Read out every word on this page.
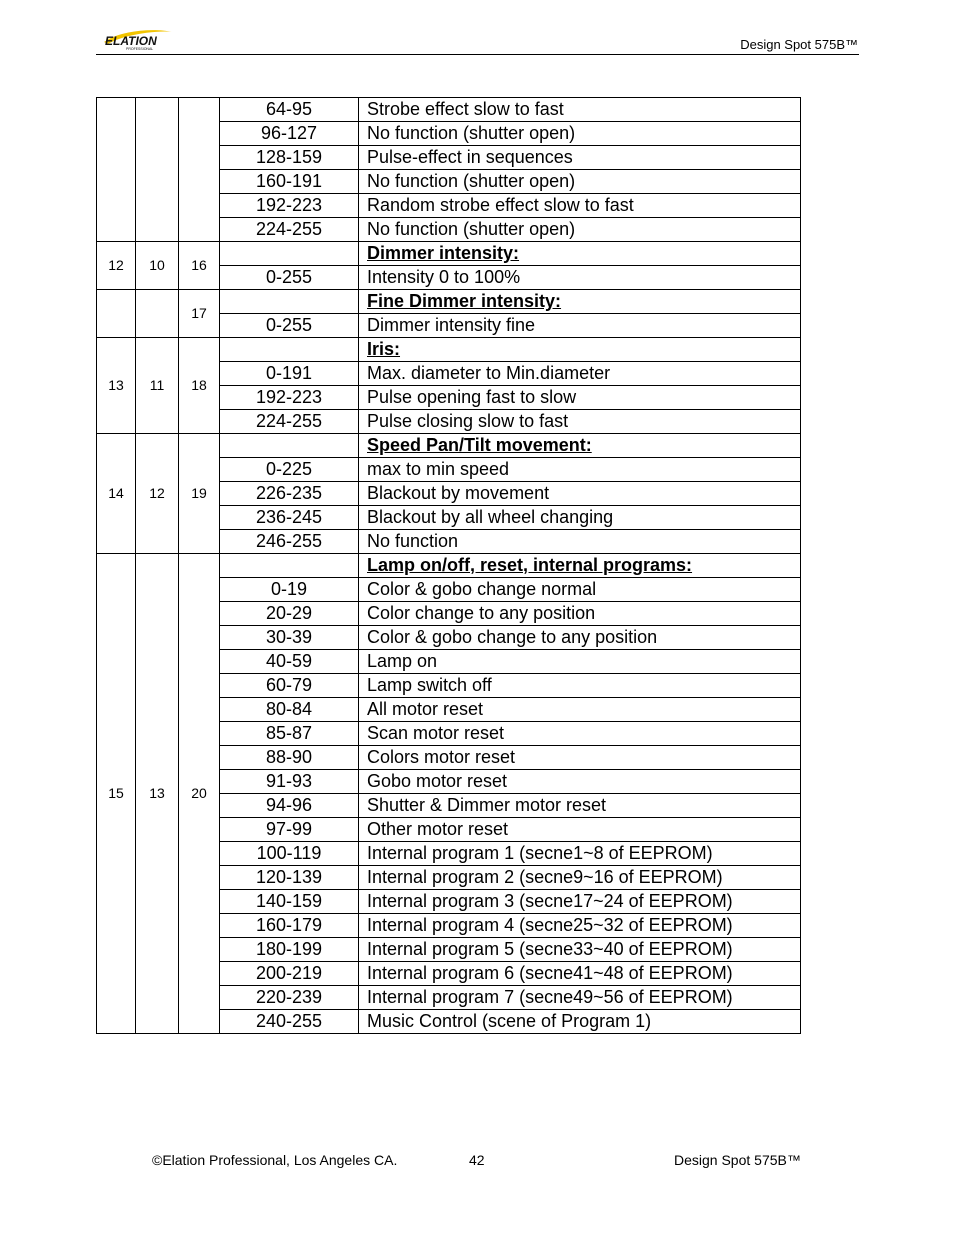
ELATION
PROFESSIONAL	Design Spot 575B™
			64-95	Strobe effect slow to fast
			96-127	No function (shutter open)
			128-159	Pulse-effect in sequences
			160-191	No function (shutter open)
			192-223	Random strobe effect slow to fast
			224-255	No function (shutter open)
12	10	16		Dimmer intensity:
			0-255	Intensity 0 to 100%
		17		Fine Dimmer intensity:
			0-255	Dimmer intensity fine
13	11	18		Iris:
			0-191	Max. diameter to Min.diameter
			192-223	Pulse opening fast to slow
			224-255	Pulse closing slow to fast
14	12	19		Speed Pan/Tilt movement:
			0-225	max to min speed
			226-235	Blackout by movement
			236-245	Blackout by all wheel changing
			246-255	No function
15	13	20		Lamp on/off, reset, internal programs:
			0-19	Color & gobo change normal
			20-29	Color change to any position
			30-39	Color & gobo change to any position
			40-59	Lamp on
			60-79	Lamp switch off
			80-84	All motor reset
			85-87	Scan motor reset
			88-90	Colors motor reset
			91-93	Gobo motor reset
			94-96	Shutter & Dimmer motor reset
			97-99	Other motor reset
			100-119	Internal program 1 (secne1~8 of EEPROM)
			120-139	Internal program 2 (secne9~16 of EEPROM)
			140-159	Internal program 3 (secne17~24 of EEPROM)
			160-179	Internal program 4 (secne25~32 of EEPROM)
			180-199	Internal program 5 (secne33~40 of EEPROM)
			200-219	Internal program 6 (secne41~48 of EEPROM)
			220-239	Internal program 7 (secne49~56 of EEPROM)
			240-255	Music Control (scene of Program 1)
©Elation Professional, Los Angeles CA.	42	Design Spot 575B™
